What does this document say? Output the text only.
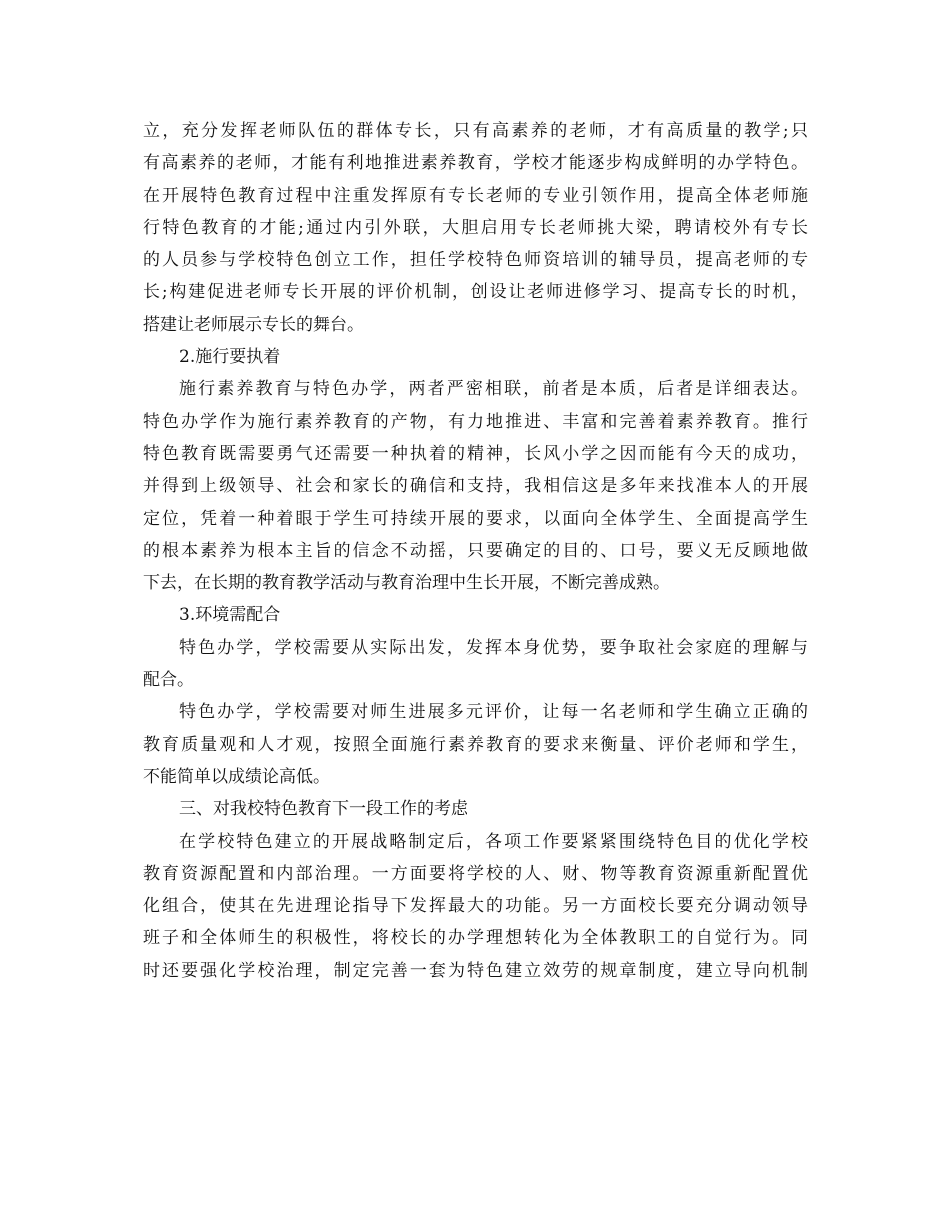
立，充分发挥老师队伍的群体专长，只有高素养的老师，才有高质量的教学;只
有高素养的老师，才能有利地推进素养教育，学校才能逐步构成鲜明的办学特色。
在开展特色教育过程中注重发挥原有专长老师的专业引领作用，提高全体老师施
行特色教育的才能;通过内引外联，大胆启用专长老师挑大梁，聘请校外有专长
的人员参与学校特色创立工作，担任学校特色师资培训的辅导员，提高老师的专
长;构建促进老师专长开展的评价机制，创设让老师进修学习、提高专长的时机，
搭建让老师展示专长的舞台。
2.施行要执着
施行素养教育与特色办学，两者严密相联，前者是本质，后者是详细表达。
特色办学作为施行素养教育的产物，有力地推进、丰富和完善着素养教育。推行
特色教育既需要勇气还需要一种执着的精神，长风小学之因而能有今天的成功，
并得到上级领导、社会和家长的确信和支持，我相信这是多年来找准本人的开展
定位，凭着一种着眼于学生可持续开展的要求，以面向全体学生、全面提高学生
的根本素养为根本主旨的信念不动摇，只要确定的目的、口号，要义无反顾地做
下去，在长期的教育教学活动与教育治理中生长开展，不断完善成熟。
3.环境需配合
特色办学，学校需要从实际出发，发挥本身优势，要争取社会家庭的理解与
配合。
特色办学，学校需要对师生进展多元评价，让每一名老师和学生确立正确的
教育质量观和人才观，按照全面施行素养教育的要求来衡量、评价老师和学生，
不能简单以成绩论高低。
三、对我校特色教育下一段工作的考虑
在学校特色建立的开展战略制定后，各项工作要紧紧围绕特色目的优化学校
教育资源配置和内部治理。一方面要将学校的人、财、物等教育资源重新配置优
化组合，使其在先进理论指导下发挥最大的功能。另一方面校长要充分调动领导
班子和全体师生的积极性，将校长的办学理想转化为全体教职工的自觉行为。同
时还要强化学校治理，制定完善一套为特色建立效劳的规章制度，建立导向机制
